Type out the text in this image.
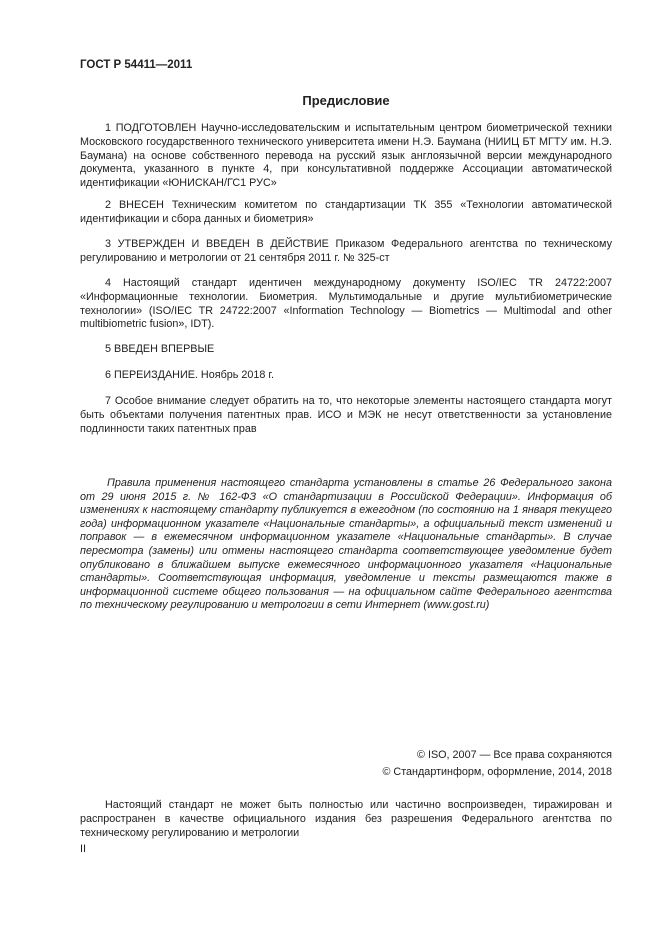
ГОСТ Р 54411—2011
Предисловие

1 ПОДГОТОВЛЕН Научно-исследовательским и испытательным центром биометрической техники Московского государственного технического университета имени Н.Э. Баумана (НИИЦ БТ МГТУ им. Н.Э. Баумана) на основе собственного перевода на русский язык англоязычной версии международного документа, указанного в пункте 4, при консультативной поддержке Ассоциации автоматической идентификации «ЮНИСКАН/ГС1 РУС»

2 ВНЕСЕН Техническим комитетом по стандартизации ТК 355 «Технологии автоматической идентификации и сбора данных и биометрия»

3 УТВЕРЖДЕН И ВВЕДЕН В ДЕЙСТВИЕ Приказом Федерального агентства по техническому регулированию и метрологии от 21 сентября 2011 г. № 325-ст

4 Настоящий стандарт идентичен международному документу ISO/IEC TR 24722:2007 «Информационные технологии. Биометрия. Мультимодальные и другие мультибиометрические технологии» (ISO/IEC TR 24722:2007 «Information Technology — Biometrics — Multimodal and other multibiometric fusion», IDT).

5 ВВЕДЕН ВПЕРВЫЕ

6 ПЕРЕИЗДАНИЕ. Ноябрь 2018 г.

7 Особое внимание следует обратить на то, что некоторые элементы настоящего стандарта могут быть объектами получения патентных прав. ИСО и МЭК не несут ответственности за установление подлинности таких патентных прав

Правила применения настоящего стандарта установлены в статье 26 Федерального закона от 29 июня 2015 г. № 162-ФЗ «О стандартизации в Российской Федерации». Информация об изменениях к настоящему стандарту публикуется в ежегодном (по состоянию на 1 января текущего года) информационном указателе «Национальные стандарты», а официальный текст изменений и поправок — в ежемесячном информационном указателе «Национальные стандарты». В случае пересмотра (замены) или отмены настоящего стандарта соответствующее уведомление будет опубликовано в ближайшем выпуске ежемесячного информационного указателя «Национальные стандарты». Соответствующая информация, уведомление и тексты размещаются также в информационной системе общего пользования — на официальном сайте Федерального агентства по техническому регулированию и метрологии в сети Интернет (www.gost.ru)

© ISO, 2007 — Все права сохраняются
© Стандартинформ, оформление, 2014, 2018

Настоящий стандарт не может быть полностью или частично воспроизведен, тиражирован и распространен в качестве официального издания без разрешения Федерального агентства по техническому регулированию и метрологии

II
